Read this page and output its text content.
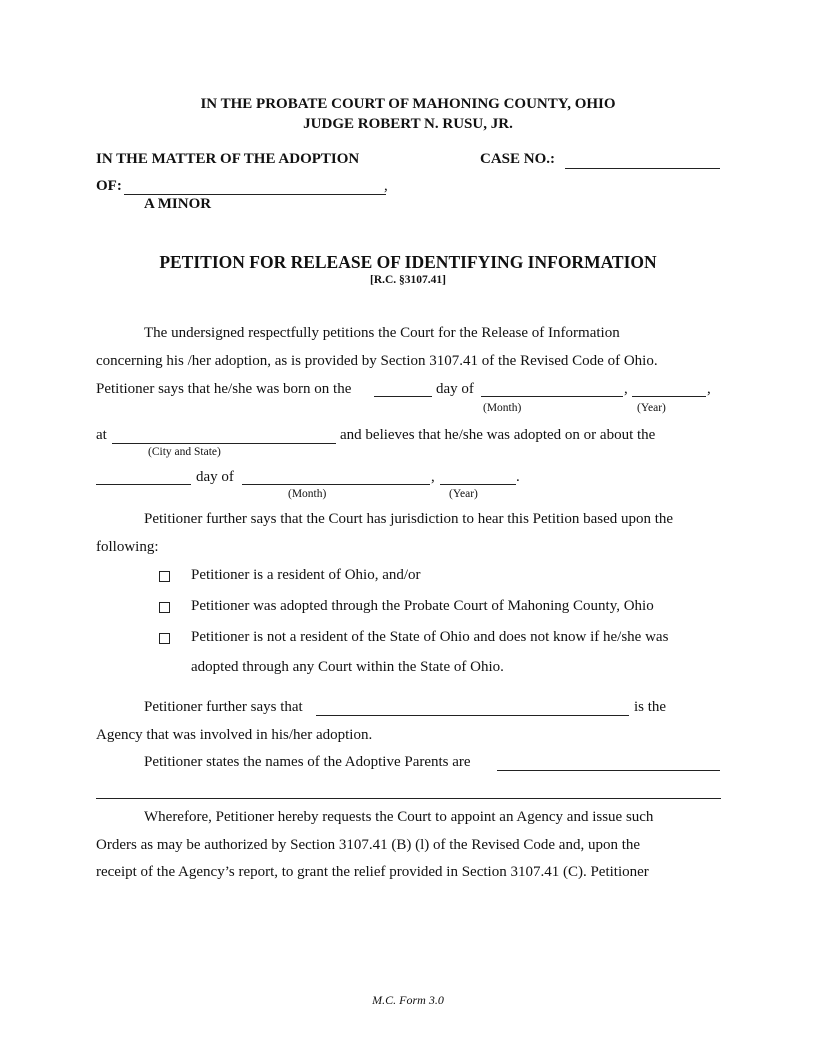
IN THE PROBATE COURT OF MAHONING COUNTY, OHIO
JUDGE ROBERT N. RUSU, JR.
IN THE MATTER OF THE ADOPTION	CASE NO.:
OF:	,
A MINOR
PETITION FOR RELEASE OF IDENTIFYING INFORMATION
[R.C. §3107.41]
The undersigned respectfully petitions the Court for the Release of Information
concerning his /her adoption, as is provided by Section 3107.41 of the Revised Code of Ohio.
Petitioner says that he/she was born on the	day of	,	,
(Month)	(Year)
at	and believes that he/she was adopted on or about the
(City and State)
day of	,	.
(Month)	(Year)
Petitioner further says that the Court has jurisdiction to hear this Petition based upon the
following:
Petitioner is a resident of Ohio, and/or
Petitioner was adopted through the Probate Court of Mahoning County, Ohio
Petitioner is not a resident of the State of Ohio and does not know if he/she was
adopted through any Court within the State of Ohio.
Petitioner further says that	is the
Agency that was involved in his/her adoption.
Petitioner states the names of the Adoptive Parents are
Wherefore, Petitioner hereby requests the Court to appoint an Agency and issue such
Orders as may be authorized by Section 3107.41 (B) (l) of the Revised Code and, upon the
receipt of the Agency’s report, to grant the relief provided in Section 3107.41 (C). Petitioner
M.C. Form 3.0
